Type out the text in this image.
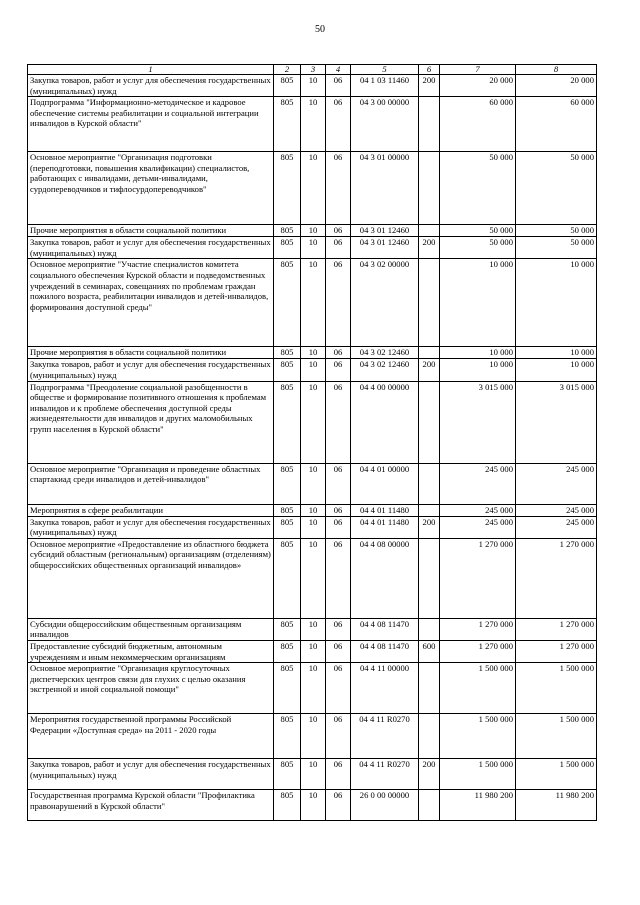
50
1	2	3	4	5	6	7	8
Закупка товаров, работ и услуг для обеспечения государственных (муниципальных) нужд	805	10	06	04 1 03 11460	200	20 000	20 000
Подпрограмма "Информационно-методическое и кадровое обеспечение системы реабилитации и социальной интеграции инвалидов в Курской области"	805	10	06	04 3 00 00000		60 000	60 000
Основное мероприятие "Организация подготовки (переподготовки, повышения квалификации) специалистов, работающих с инвалидами, детьми-инвалидами, сурдопереводчиков и тифлосурдопереводчиков"	805	10	06	04 3 01 00000		50 000	50 000
Прочие мероприятия в области социальной политики	805	10	06	04 3 01 12460		50 000	50 000
Закупка товаров, работ и услуг для обеспечения государственных (муниципальных) нужд	805	10	06	04 3 01 12460	200	50 000	50 000
Основное мероприятие "Участие специалистов комитета социального обеспечения Курской области и подведомственных учреждений в семинарах, совещаниях по проблемам граждан пожилого возраста, реабилитации инвалидов и детей-инвалидов, формирования доступной среды"	805	10	06	04 3 02 00000		10 000	10 000
Прочие мероприятия в области социальной политики	805	10	06	04 3 02 12460		10 000	10 000
Закупка товаров, работ и услуг для обеспечения государственных (муниципальных) нужд	805	10	06	04 3 02 12460	200	10 000	10 000
Подпрограмма "Преодоление социальной разобщенности в обществе и формирование позитивного отношения к проблемам инвалидов и к проблеме обеспечения доступной среды жизнедеятельности для инвалидов и других маломобильных групп населения в Курской области"	805	10	06	04 4 00 00000		3 015 000	3 015 000
Основное мероприятие "Организация и проведение областных спартакиад среди инвалидов и детей-инвалидов"	805	10	06	04 4 01 00000		245 000	245 000
Мероприятия в сфере реабилитации	805	10	06	04 4 01 11480		245 000	245 000
Закупка товаров, работ и услуг для обеспечения государственных (муниципальных) нужд	805	10	06	04 4 01 11480	200	245 000	245 000
Основное мероприятие «Предоставление из областного бюджета субсидий областным (региональным) организациям (отделениям) общероссийских общественных организаций инвалидов»	805	10	06	04 4 08 00000		1 270 000	1 270 000
Субсидии общероссийским общественным организациям инвалидов	805	10	06	04 4 08 11470		1 270 000	1 270 000
Предоставление субсидий бюджетным, автономным учреждениям и иным некоммерческим организациям	805	10	06	04 4 08 11470	600	1 270 000	1 270 000
Основное мероприятие "Организация круглосуточных диспетчерских центров связи для глухих с целью оказания экстренной и иной социальной помощи"	805	10	06	04 4 11 00000		1 500 000	1 500 000
Мероприятия государственной программы Российской Федерации «Доступная среда» на 2011 - 2020 годы	805	10	06	04 4 11 R0270		1 500 000	1 500 000
Закупка товаров, работ и услуг для обеспечения государственных (муниципальных) нужд	805	10	06	04 4 11 R0270	200	1 500 000	1 500 000
Государственная программа Курской области "Профилактика правонарушений в Курской области"	805	10	06	26 0 00 00000		11 980 200	11 980 200
